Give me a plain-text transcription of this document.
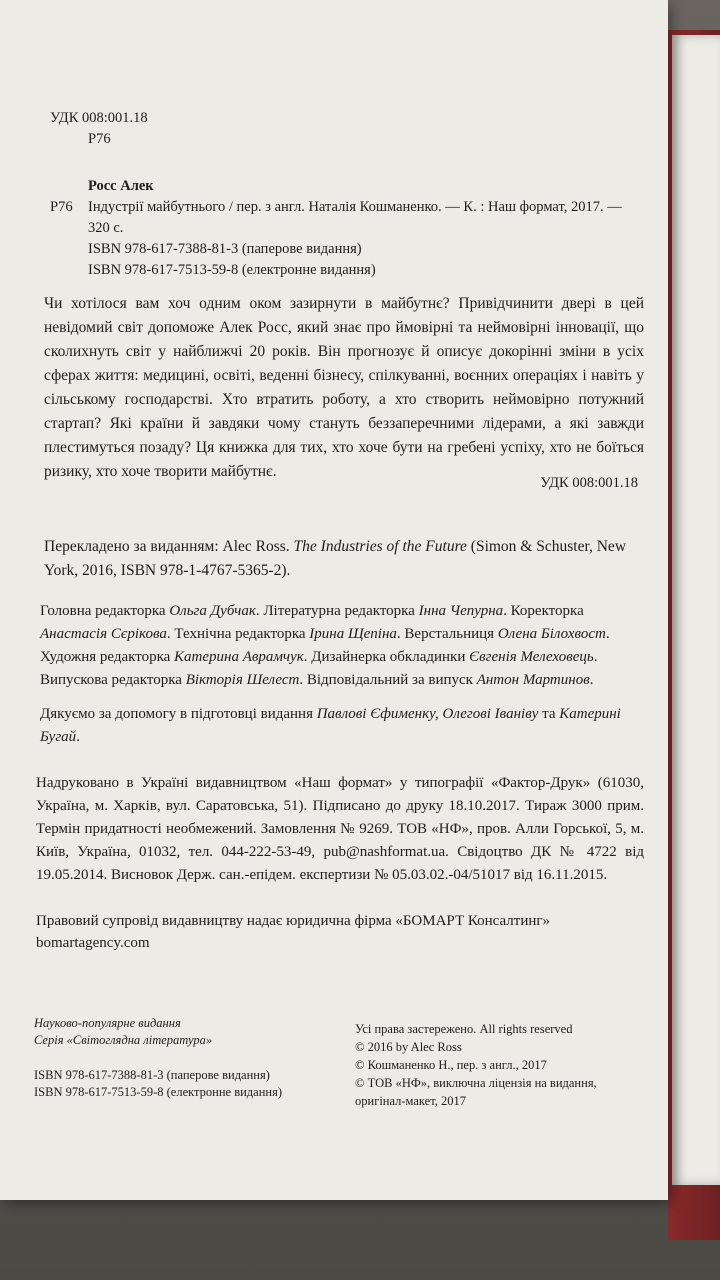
УДК 008:001.18
Р76
Росс Алек
Р76	Індустрії майбутнього / пер. з англ. Наталія Кошманенко. — К. : Наш формат, 2017. — 320 с.
ISBN 978-617-7388-81-3 (паперове видання)
ISBN 978-617-7513-59-8 (електронне видання)
Чи хотілося вам хоч одним оком зазирнути в майбутнє? Привідчинити двері в цей невідомий світ допоможе Алек Росс, який знає про ймовірні та неймовірні інновації, що сколихнуть світ у найближчі 20 років. Він прогнозує й описує докорінні зміни в усіх сферах життя: медицині, освіті, веденні бізнесу, спілкуванні, воєнних операціях і навіть у сільському господарстві. Хто втратить роботу, а хто створить неймовірно потужний стартап? Які країни й завдяки чому стануть беззаперечними лідерами, а які завжди плестимуться позаду? Ця книжка для тих, хто хоче бути на гребені успіху, хто не боїться ризику, хто хоче творити майбутнє.
УДК 008:001.18
Перекладено за виданням: Alec Ross. The Industries of the Future (Simon & Schuster, New York, 2016, ISBN 978-1-4767-5365-2).
Головна редакторка Ольга Дубчак. Літературна редакторка Інна Чепурна. Коректорка Анастасія Сєрікова. Технічна редакторка Ірина Щепіна. Верстальниця Олена Білохвост. Художня редакторка Катерина Аврамчук. Дизайнерка обкладинки Євгенія Мелеховець. Випускова редакторка Вікторія Шелест. Відповідальний за випуск Антон Мартинов.
Дякуємо за допомогу в підготовці видання Павлові Єфименку, Олегові Іваніву та Катерині Бугай.
Надруковано в Україні видавництвом «Наш формат» у типографії «Фактор-Друк» (61030, Україна, м. Харків, вул. Саратовська, 51). Підписано до друку 18.10.2017. Тираж 3000 прим. Термін придатності необмежений. Замовлення № 9269. ТОВ «НФ», пров. Алли Горської, 5, м. Київ, Україна, 01032, тел. 044-222-53-49, pub@nashformat.ua. Свідоцтво ДК № 4722 від 19.05.2014. Висновок Держ. сан.-епідем. експертизи № 05.03.02.-04/51017 від 16.11.2015.
Правовий супровід видавництву надає юридична фірма «БОМАРТ Консалтинг»
bomartagency.com
Науково-популярне видання
Серія «Світоглядна література»
ISBN 978-617-7388-81-3 (паперове видання)
ISBN 978-617-7513-59-8 (електронне видання)
Усі права застережено. All rights reserved
© 2016 by Alec Ross
© Кошманенко Н., пер. з англ., 2017
© ТОВ «НФ», виключна ліцензія на видання,
оригінал-макет, 2017
